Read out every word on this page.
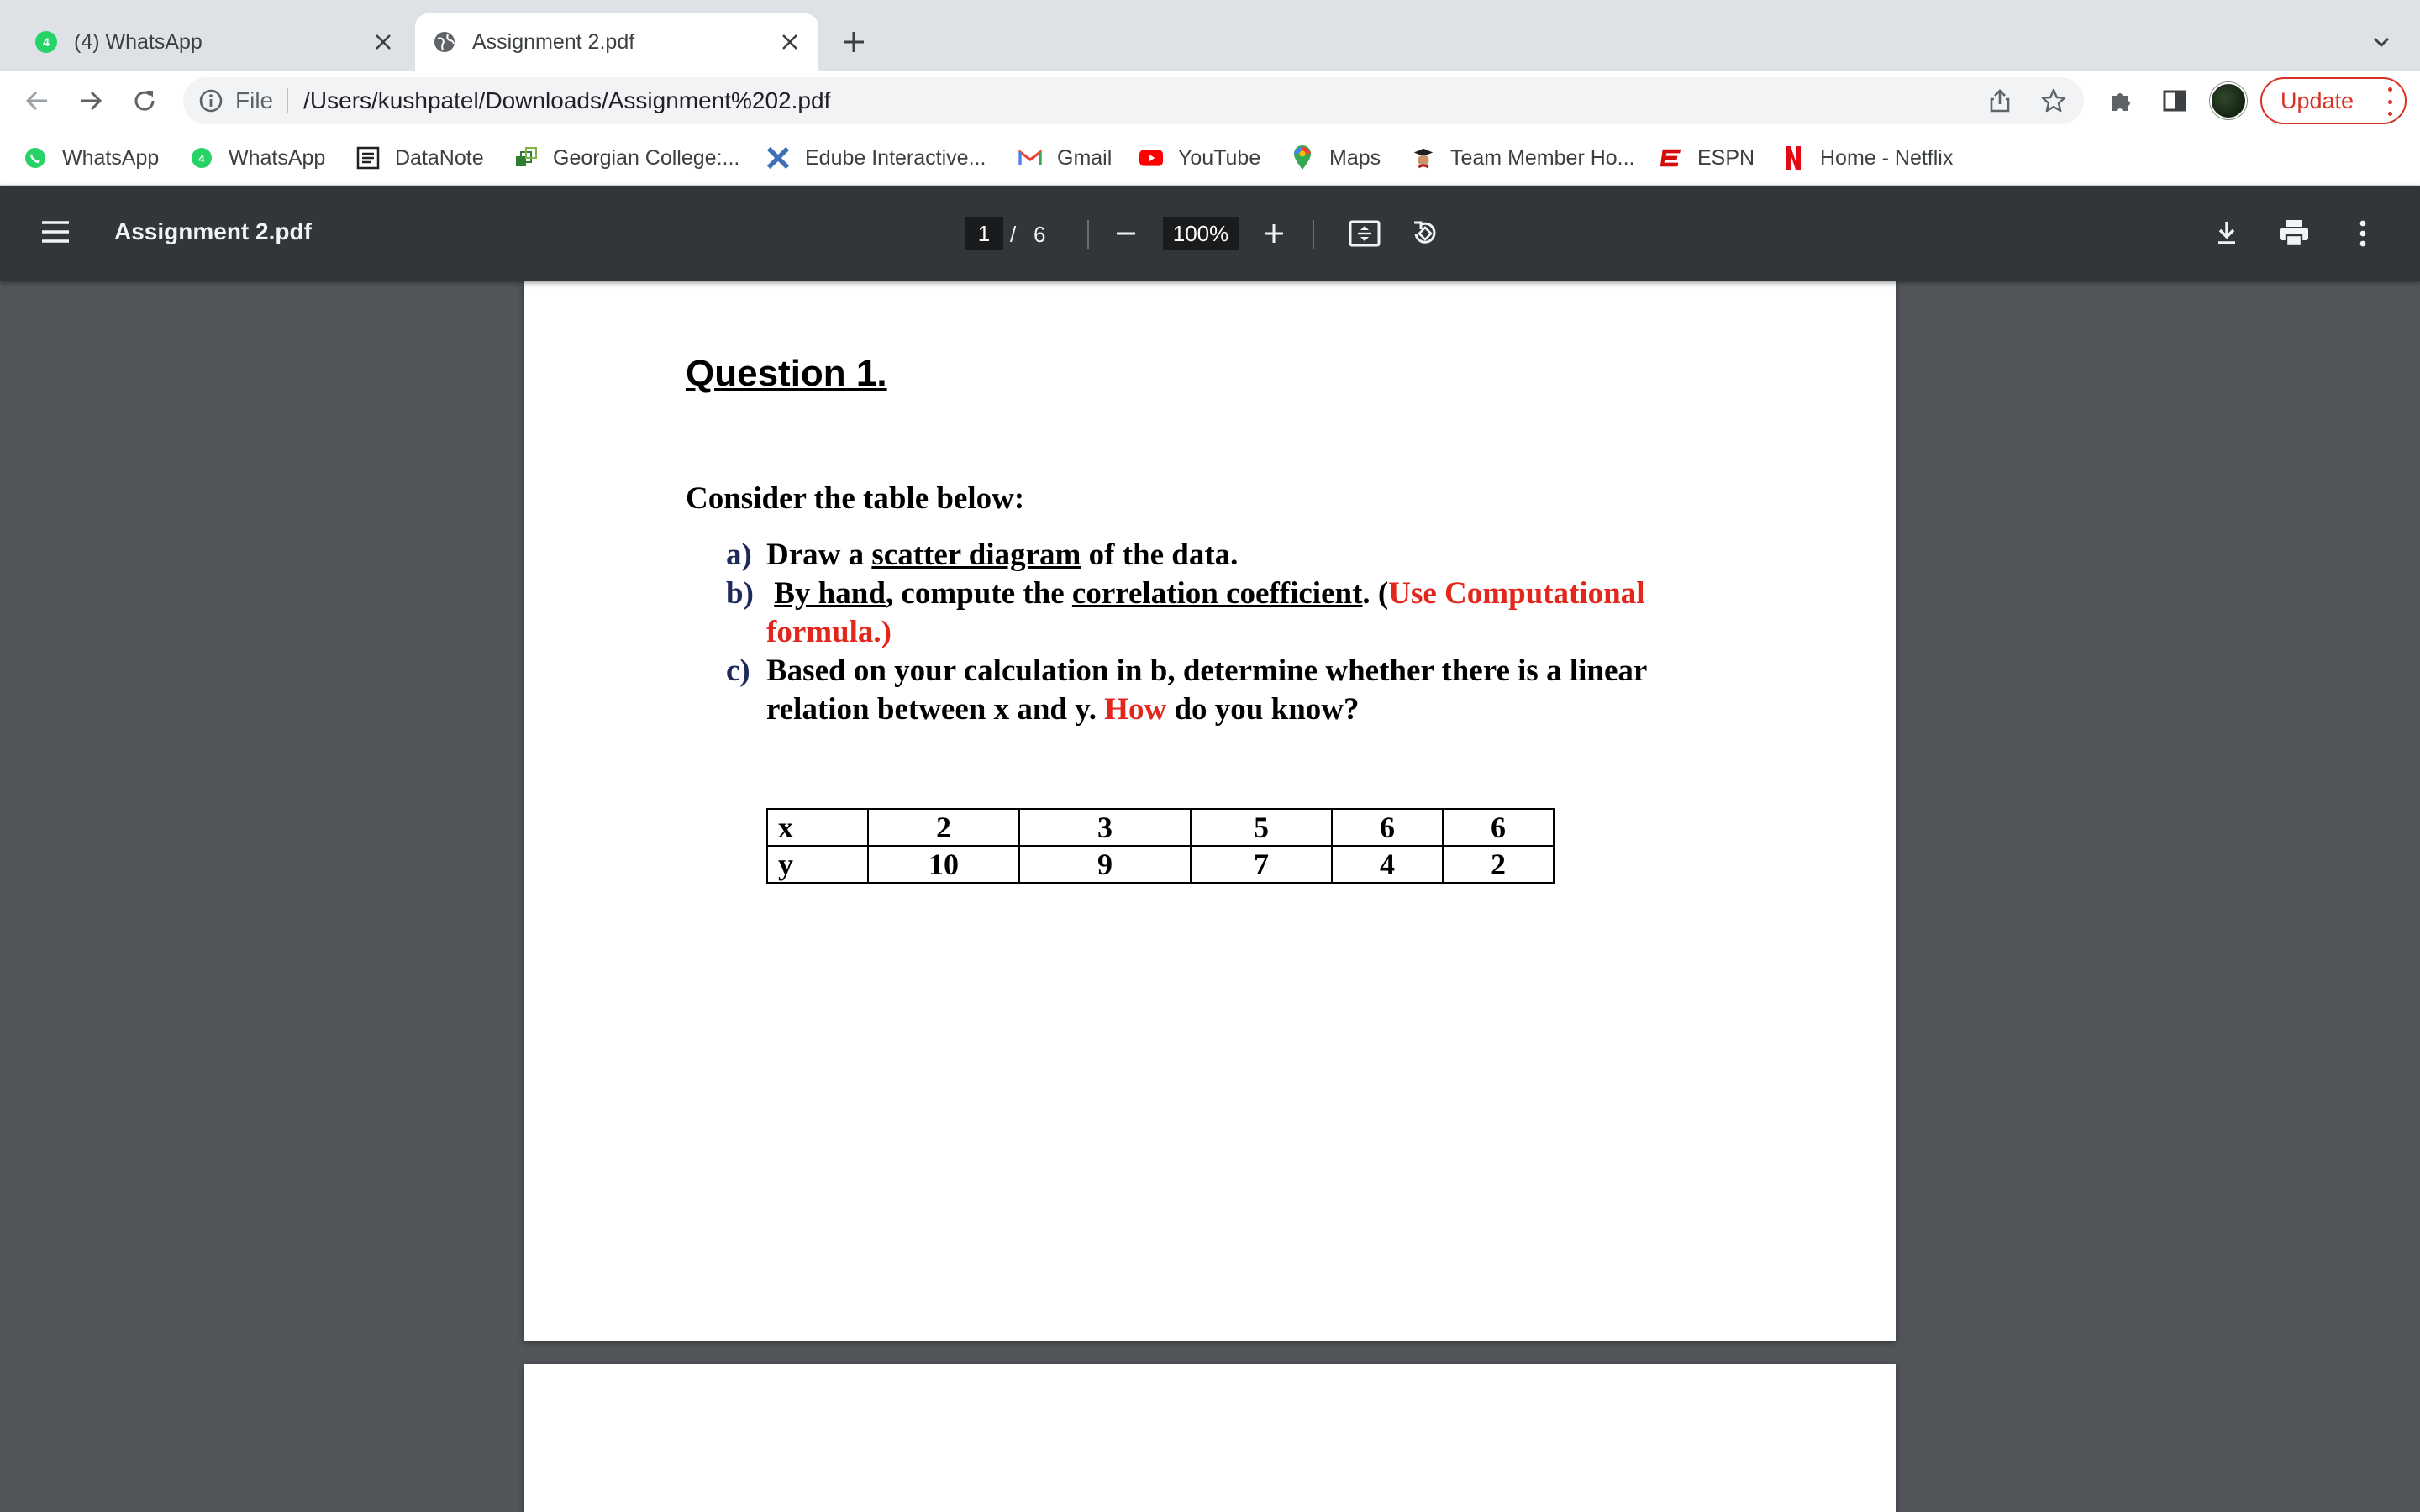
4 (4) WhatsApp	Assignment 2.pdf
File /Users/kushpatel/Downloads/Assignment%202.pdf	Update
WhatsApp	4 WhatsApp	DataNote	Georgian College:...	Edube Interactive...	Gmail	YouTube	Maps	Team Member Ho...	ESPN	Home - Netflix
Assignment 2.pdf	1 / 6	100%
Question 1.
Consider the table below:
a) Draw a scatter diagram of the data.
b) By hand, compute the correlation coefficient. (Use Computational formula.)
c) Based on your calculation in b, determine whether there is a linear relation between x and y. How do you know?
x	2	3	5	6	6
y	10	9	7	4	2
